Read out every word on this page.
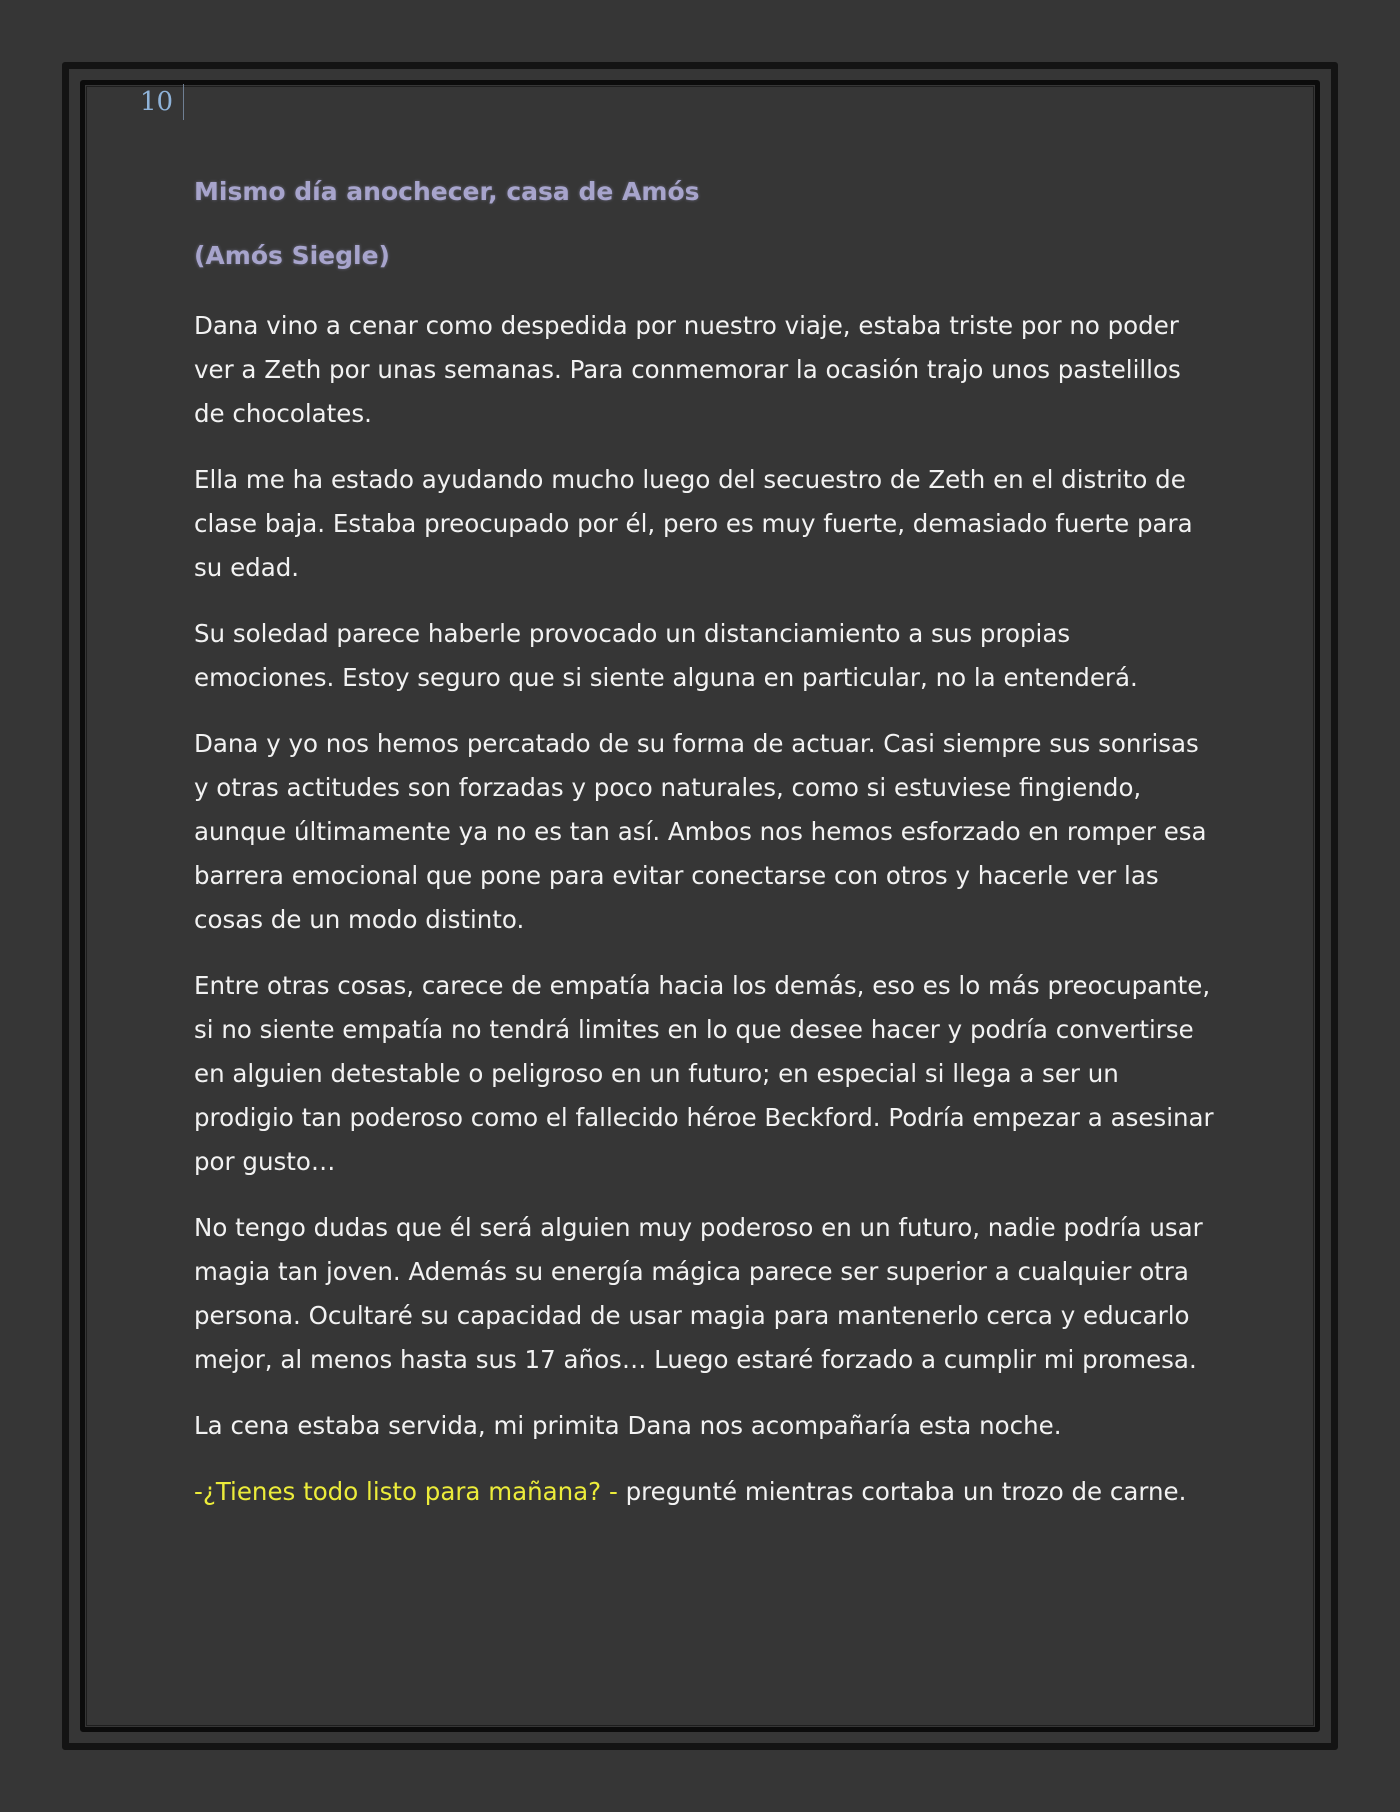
10

Mismo día anochecer, casa de Amós

(Amós Siegle)

Dana vino a cenar como despedida por nuestro viaje, estaba triste por no poder ver a Zeth por unas semanas. Para conmemorar la ocasión trajo unos pastelillos de chocolates.

Ella me ha estado ayudando mucho luego del secuestro de Zeth en el distrito de clase baja. Estaba preocupado por él, pero es muy fuerte, demasiado fuerte para su edad.

Su soledad parece haberle provocado un distanciamiento a sus propias emociones. Estoy seguro que si siente alguna en particular, no la entenderá.

Dana y yo nos hemos percatado de su forma de actuar. Casi siempre sus sonrisas y otras actitudes son forzadas y poco naturales, como si estuviese fingiendo, aunque últimamente ya no es tan así. Ambos nos hemos esforzado en romper esa barrera emocional que pone para evitar conectarse con otros y hacerle ver las cosas de un modo distinto.

Entre otras cosas, carece de empatía hacia los demás, eso es lo más preocupante, si no siente empatía no tendrá limites en lo que desee hacer y podría convertirse en alguien detestable o peligroso en un futuro; en especial si llega a ser un prodigio tan poderoso como el fallecido héroe Beckford. Podría empezar a asesinar por gusto…

No tengo dudas que él será alguien muy poderoso en un futuro, nadie podría usar magia tan joven. Además su energía mágica parece ser superior a cualquier otra persona. Ocultaré su capacidad de usar magia para mantenerlo cerca y educarlo mejor, al menos hasta sus 17 años… Luego estaré forzado a cumplir mi promesa.

La cena estaba servida, mi primita Dana nos acompañaría esta noche.

-¿Tienes todo listo para mañana? - pregunté mientras cortaba un trozo de carne.
